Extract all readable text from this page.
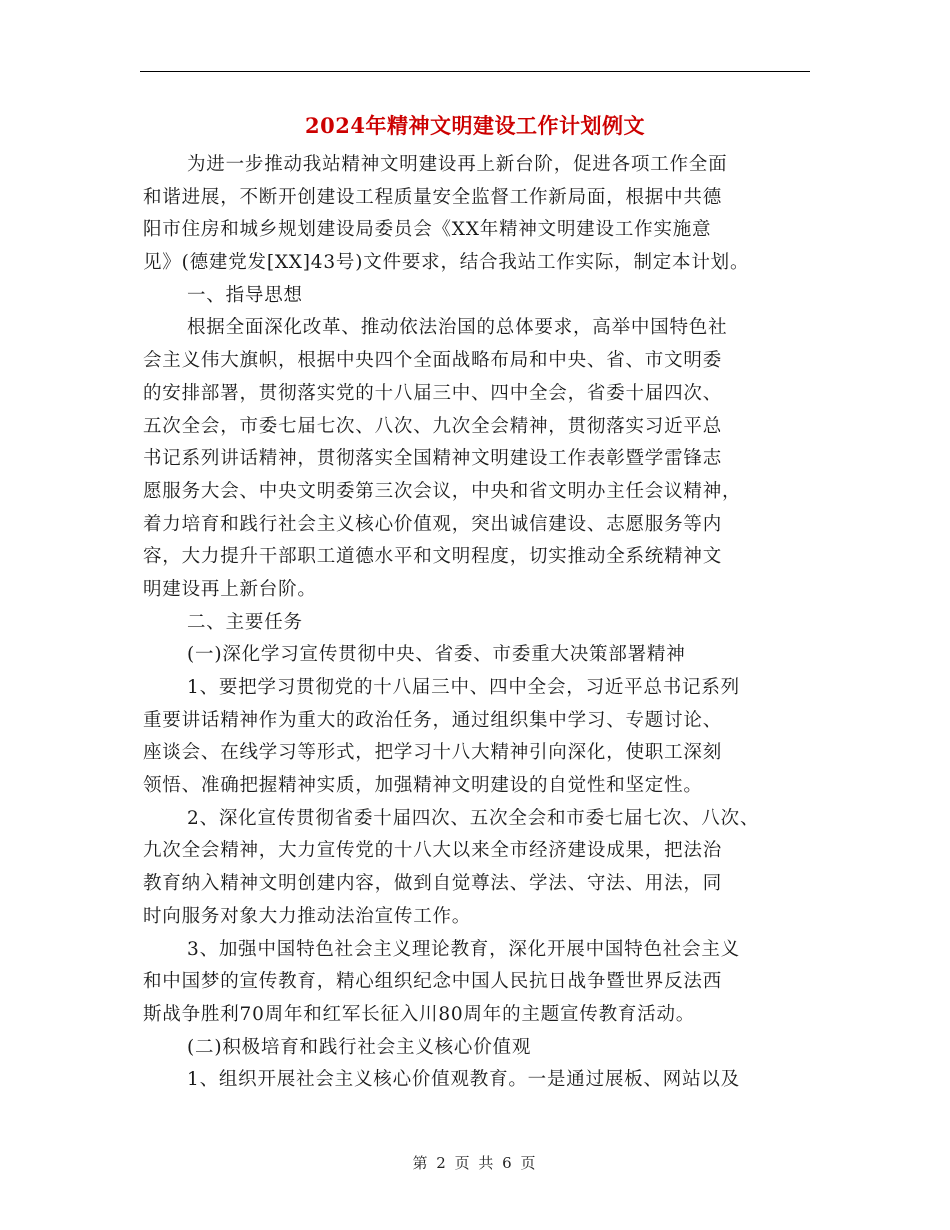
2024年精神文明建设工作计划例文
为进一步推动我站精神文明建设再上新台阶，促进各项工作全面
和谐进展，不断开创建设工程质量安全监督工作新局面，根据中共德
阳市住房和城乡规划建设局委员会《XX年精神文明建设工作实施意
见》(德建党发[XX]43号)文件要求，结合我站工作实际，制定本计划。
一、指导思想
根据全面深化改革、推动依法治国的总体要求，高举中国特色社
会主义伟大旗帜，根据中央四个全面战略布局和中央、省、市文明委
的安排部署，贯彻落实党的十八届三中、四中全会，省委十届四次、
五次全会，市委七届七次、八次、九次全会精神，贯彻落实习近平总
书记系列讲话精神，贯彻落实全国精神文明建设工作表彰暨学雷锋志
愿服务大会、中央文明委第三次会议，中央和省文明办主任会议精神，
着力培育和践行社会主义核心价值观，突出诚信建设、志愿服务等内
容，大力提升干部职工道德水平和文明程度，切实推动全系统精神文
明建设再上新台阶。
二、主要任务
(一)深化学习宣传贯彻中央、省委、市委重大决策部署精神
1、要把学习贯彻党的十八届三中、四中全会，习近平总书记系列
重要讲话精神作为重大的政治任务，通过组织集中学习、专题讨论、
座谈会、在线学习等形式，把学习十八大精神引向深化，使职工深刻
领悟、准确把握精神实质，加强精神文明建设的自觉性和坚定性。
2、深化宣传贯彻省委十届四次、五次全会和市委七届七次、八次、
九次全会精神，大力宣传党的十八大以来全市经济建设成果，把法治
教育纳入精神文明创建内容，做到自觉尊法、学法、守法、用法，同
时向服务对象大力推动法治宣传工作。
3、加强中国特色社会主义理论教育，深化开展中国特色社会主义
和中国梦的宣传教育，精心组织纪念中国人民抗日战争暨世界反法西
斯战争胜利70周年和红军长征入川80周年的主题宣传教育活动。
(二)积极培育和践行社会主义核心价值观
1、组织开展社会主义核心价值观教育。一是通过展板、网站以及
第 2 页 共 6 页
